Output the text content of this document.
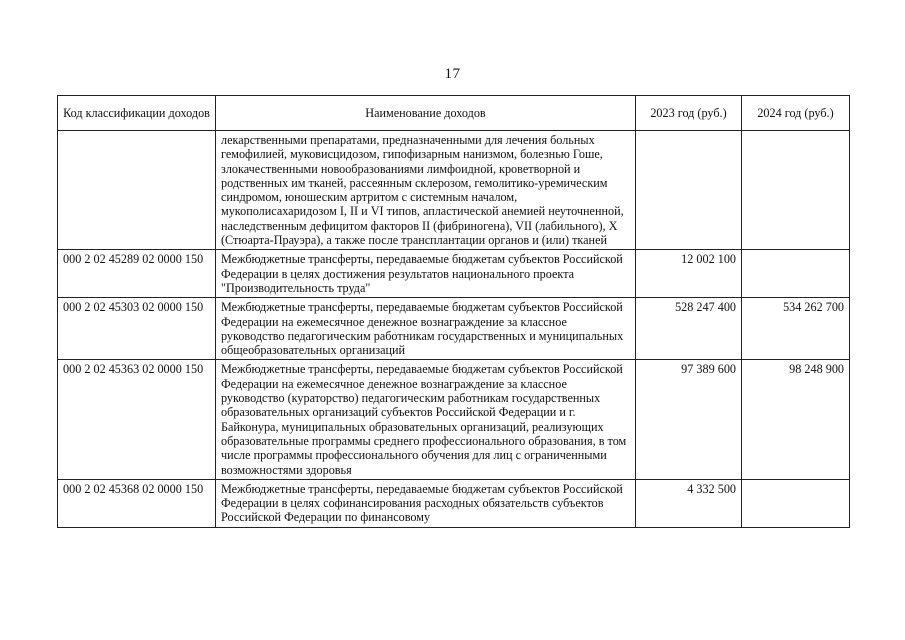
17
Код классификации доходов	Наименование доходов	2023 год (руб.)	2024 год (руб.)
	лекарственными препаратами, предназначенными для лечения больных гемофилией, муковисцидозом, гипофизарным нанизмом, болезнью Гоше, злокачественными новообразованиями лимфоидной, кроветворной и родственных им тканей, рассеянным склерозом, гемолитико-уремическим синдромом, юношеским артритом с системным началом, мукополисахаридозом I, II и VI типов, апластической анемией неуточненной, наследственным дефицитом факторов II (фибриногена), VII (лабильного), X (Стюарта-Прауэра), а также после трансплантации органов и (или) тканей		
000 2 02 45289 02 0000 150	Межбюджетные трансферты, передаваемые бюджетам субъектов Российской Федерации в целях достижения результатов национального проекта "Производительность труда"	12 002 100	
000 2 02 45303 02 0000 150	Межбюджетные трансферты, передаваемые бюджетам субъектов Российской Федерации на ежемесячное денежное вознаграждение за классное руководство педагогическим работникам государственных и муниципальных общеобразовательных организаций	528 247 400	534 262 700
000 2 02 45363 02 0000 150	Межбюджетные трансферты, передаваемые бюджетам субъектов Российской Федерации на ежемесячное денежное вознаграждение за классное руководство (кураторство) педагогическим работникам государственных образовательных организаций субъектов Российской Федерации и г. Байконура, муниципальных образовательных организаций, реализующих образовательные программы среднего профессионального образования, в том числе программы профессионального обучения для лиц с ограниченными возможностями здоровья	97 389 600	98 248 900
000 2 02 45368 02 0000 150	Межбюджетные трансферты, передаваемые бюджетам субъектов Российской Федерации в целях софинансирования расходных обязательств субъектов Российской Федерации по финансовому	4 332 500	
